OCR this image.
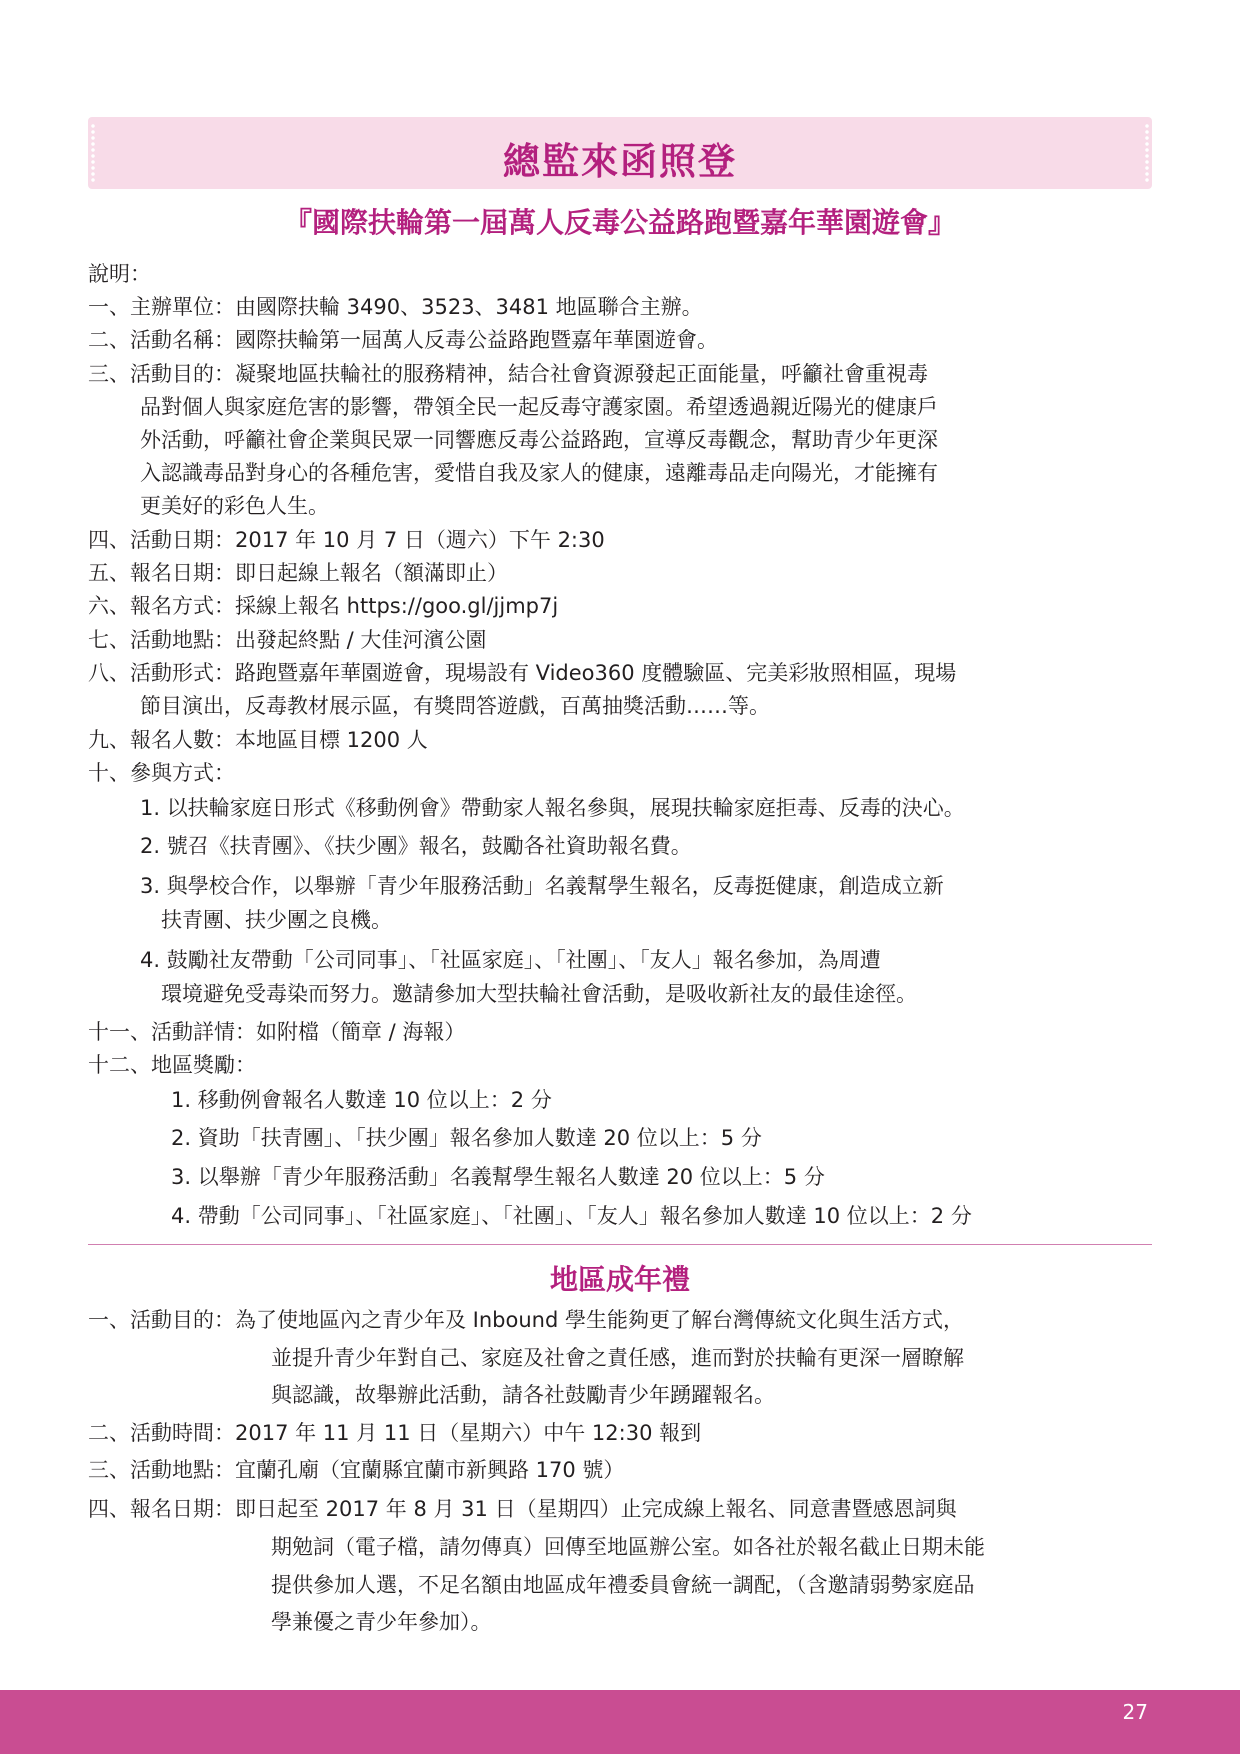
總監來函照登
『國際扶輪第一屆萬人反毒公益路跑暨嘉年華園遊會』
說明：
一、主辦單位：由國際扶輪 3490、3523、3481 地區聯合主辦。
二、活動名稱：國際扶輪第一屆萬人反毒公益路跑暨嘉年華園遊會。
三、活動目的：凝聚地區扶輪社的服務精神，結合社會資源發起正面能量，呼籲社會重視毒
品對個人與家庭危害的影響，帶領全民一起反毒守護家園。希望透過親近陽光的健康戶
外活動，呼籲社會企業與民眾一同響應反毒公益路跑，宣導反毒觀念，幫助青少年更深
入認識毒品對身心的各種危害，愛惜自我及家人的健康，遠離毒品走向陽光，才能擁有
更美好的彩色人生。
四、活動日期：2017 年 10 月 7 日（週六）下午 2:30
五、報名日期：即日起線上報名（額滿即止）
六、報名方式：採線上報名 https://goo.gl/jjmp7j
七、活動地點：出發起終點 / 大佳河濱公園
八、活動形式：路跑暨嘉年華園遊會，現場設有 Video360 度體驗區、完美彩妝照相區，現場
節目演出，反毒教材展示區，有獎問答遊戲，百萬抽獎活動……等。
九、報名人數：本地區目標 1200 人
十、參與方式：
1. 以扶輪家庭日形式《移動例會》帶動家人報名參與，展現扶輪家庭拒毒、反毒的決心。
2. 號召《扶青團》、《扶少團》報名，鼓勵各社資助報名費。
3. 與學校合作，以舉辦「青少年服務活動」名義幫學生報名，反毒挺健康，創造成立新
扶青團、扶少團之良機。
4. 鼓勵社友帶動「公司同事」、「社區家庭」、「社團」、「友人」報名參加，為周遭
環境避免受毒染而努力。邀請參加大型扶輪社會活動，是吸收新社友的最佳途徑。
十一、活動詳情：如附檔（簡章 / 海報）
十二、地區獎勵：
1. 移動例會報名人數達 10 位以上：2 分
2. 資助「扶青團」、「扶少團」報名參加人數達 20 位以上：5 分
3. 以舉辦「青少年服務活動」名義幫學生報名人數達 20 位以上：5 分
4. 帶動「公司同事」、「社區家庭」、「社團」、「友人」報名參加人數達 10 位以上：2 分
地區成年禮
一、活動目的：為了使地區內之青少年及 Inbound 學生能夠更了解台灣傳統文化與生活方式，
並提升青少年對自己、家庭及社會之責任感，進而對於扶輪有更深一層瞭解
與認識，故舉辦此活動，請各社鼓勵青少年踴躍報名。
二、活動時間：2017 年 11 月 11 日（星期六）中午 12:30 報到
三、活動地點：宜蘭孔廟（宜蘭縣宜蘭市新興路 170 號）
四、報名日期：即日起至 2017 年 8 月 31 日（星期四）止完成線上報名、同意書暨感恩詞與
期勉詞（電子檔，請勿傳真）回傳至地區辦公室。如各社於報名截止日期未能
提供參加人選，不足名額由地區成年禮委員會統一調配，（含邀請弱勢家庭品
學兼優之青少年參加）。
27
